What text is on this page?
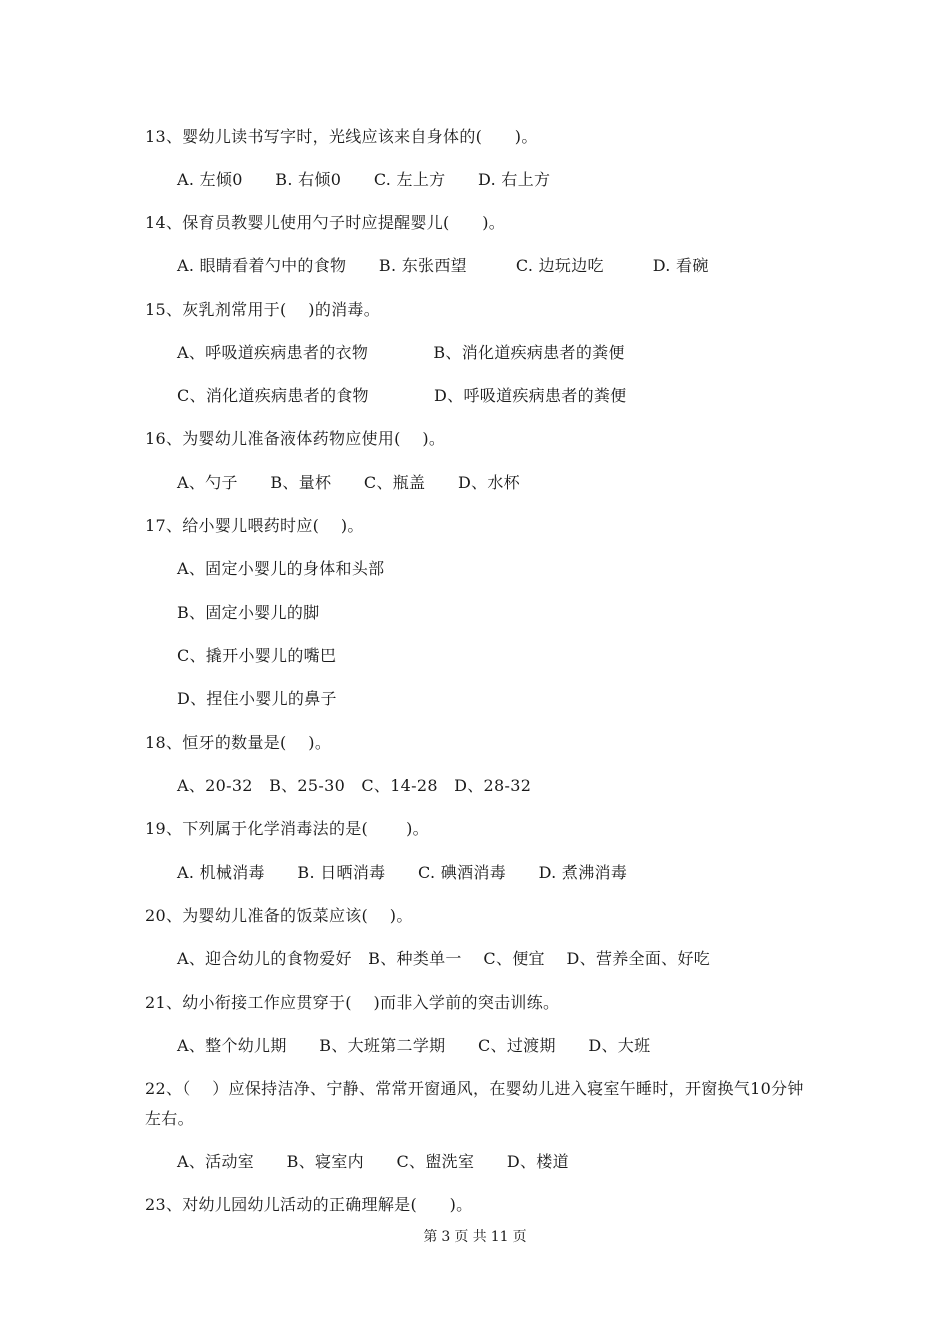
13、婴幼儿读书写字时，光线应该来自身体的(　　)。
A. 左倾0　　B. 右倾0　　C. 左上方　　D. 右上方
14、保育员教婴儿使用勺子时应提醒婴儿(　　)。
A. 眼睛看着勺中的食物　　B. 东张西望　　　C. 边玩边吃　　　D. 看碗
15、灰乳剂常用于(　 )的消毒。
A、呼吸道疾病患者的衣物　　　　B、消化道疾病患者的粪便
C、消化道疾病患者的食物　　　　D、呼吸道疾病患者的粪便
16、为婴幼儿准备液体药物应使用(　 )。
A、勺子　　B、量杯　　C、瓶盖　　D、水杯
17、给小婴儿喂药时应(　 )。
A、固定小婴儿的身体和头部
B、固定小婴儿的脚
C、撬开小婴儿的嘴巴
D、捏住小婴儿的鼻子
18、恒牙的数量是(　 )。
A、20-32　B、25-30　C、14-28　D、28-32
19、下列属于化学消毒法的是(　　 )。
A. 机械消毒　　B. 日晒消毒　　C. 碘酒消毒　　D. 煮沸消毒
20、为婴幼儿准备的饭菜应该(　 )。
A、迎合幼儿的食物爱好　B、种类单一　 C、便宜　 D、营养全面、好吃
21、幼小衔接工作应贯穿于(　 )而非入学前的突击训练。
A、整个幼儿期　　B、大班第二学期　　C、过渡期　　D、大班
22、（　 ）应保持洁净、宁静、常常开窗通风，在婴幼儿进入寝室午睡时，开窗换气10分钟左右。
A、活动室　　B、寝室内　　C、盥洗室　　D、楼道
23、对幼儿园幼儿活动的正确理解是(　　)。
第 3 页 共 11 页
